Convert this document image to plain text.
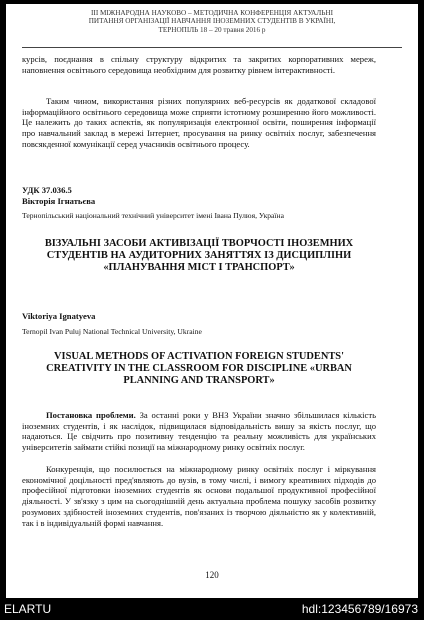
III МІЖНАРОДНА НАУКОВО – МЕТОДИЧНА КОНФЕРЕНЦІЯ АКТУАЛЬНІ
ПИТАННЯ ОРГАНІЗАЦІЇ НАВЧАННЯ ІНОЗЕМНИХ СТУДЕНТІВ В УКРАЇНІ,
ТЕРНОПІЛЬ 18 – 20 травня 2016 р

курсів, поєднання в спільну структуру відкритих та закритих корпоративних мереж, наповнення освітнього середовища необхідним для розвитку рівнем інтерактивності.

Таким чином, використання різних популярних веб-ресурсів як додаткової складової інформаційного освітнього середовища може сприяти істотному розширенню його можливості. Це належить до таких аспектів, як популяризація електронної освіти, поширення інформації про навчальний заклад в мережі Інтернет, просування на ринку освітніх послуг, забезпечення повсякденної комунікації серед учасників освітнього процесу.

УДК 37.036.5
Вікторія Ігнатьєва
Тернопільський національний технічний університет імені Івана Пулюя, Україна

ВІЗУАЛЬНІ ЗАСОБИ АКТИВІЗАЦІЇ ТВОРЧОСТІ ІНОЗЕМНИХ СТУДЕНТІВ НА АУДИТОРНИХ ЗАНЯТТЯХ ІЗ ДИСЦИПЛІНИ «ПЛАНУВАННЯ МІСТ І ТРАНСПОРТ»

Viktoriya Ignatyeva
Ternopil Ivan Puluj National Technical University, Ukraine

VISUAL METHODS OF ACTIVATION FOREIGN STUDENTS' CREATIVITY IN THE CLASSROOM FOR DISCIPLINE «URBAN PLANNING AND TRANSPORT»

Постановка проблеми. За останні роки у ВНЗ України значно збільшилася кількість іноземних студентів, і як наслідок, підвищилася відповідальність вишу за якість послуг, що надаються. Це свідчить про позитивну тенденцію та реальну можливість для українських університетів займати стійкі позиції на міжнародному ринку освітніх послуг.

Конкуренція, що посилюється на міжнародному ринку освітніх послуг і міркування економічної доцільності пред'являють до вузів, в тому числі, і вимогу креативних підходів до професійної підготовки іноземних студентів як основи подальшої продуктивної професійної діяльності. У зв'язку з цим на сьогоднішній день актуальна проблема пошуку засобів розвитку розумових здібностей іноземних студентів, пов'язаних із творчою діяльністю як у колективній, так і в індивідуальній формі навчання.

120
ELARTU	hdl:123456789/16973
